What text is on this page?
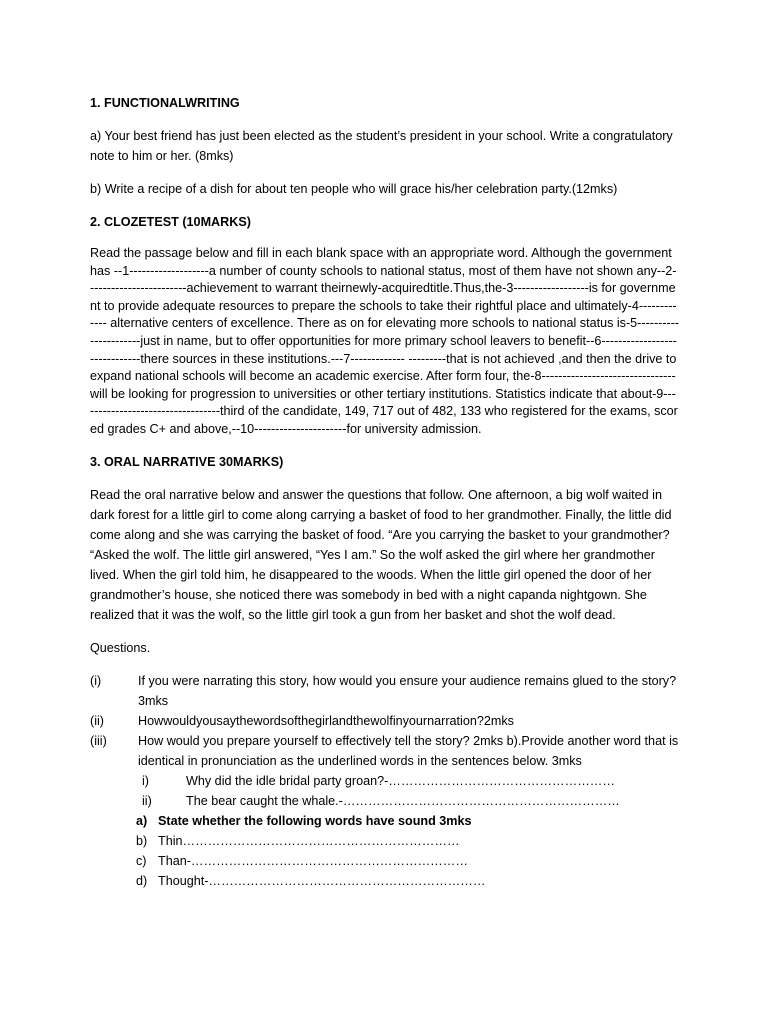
1. FUNCTIONALWRITING

a) Your best friend has just been elected as the student’s president in your school. Write a congratulatory note to him or her. (8mks)

b) Write a recipe of a dish for about ten people who will grace his/her celebration party.(12mks)

2. CLOZETEST (10MARKS)

Read the passage below and fill in each blank space with an appropriate word. Although the government has --1-------------------a number of county schools to national status, most of them have not shown any--2------------------------achievement to warrant theirnewly-acquiredtitle.Thus,the-3------------------is for government to provide adequate resources to prepare the schools to take their rightful place and ultimately-4------------- alternative centers of excellence. There as on for elevating more schools to national status is-5----------------------just in name, but to offer opportunities for more primary school leavers to benefit--6------------------------------there sources in these institutions.---7------------- ---------that is not achieved ,and then the drive to expand national schools will become an academic exercise. After form four, the-8--------------------------------will be looking for progression to universities or other tertiary institutions. Statistics indicate that about-9--- -------------------------------third of the candidate, 149, 717 out of 482, 133 who registered for the exams, scored grades C+ and above,--10----------------------for university admission.

3. ORAL NARRATIVE 30MARKS)

Read the oral narrative below and answer the questions that follow. One afternoon, a big wolf waited in dark forest for a little girl to come along carrying a basket of food to her grandmother. Finally, the little did come along and she was carrying the basket of food. “Are you carrying the basket to your grandmother? “Asked the wolf. The little girl answered, “Yes I am.” So the wolf asked the girl where her grandmother lived. When the girl told him, he disappeared to the woods. When the little girl opened the door of her grandmother’s house, she noticed there was somebody in bed with a night capanda nightgown. She realized that it was the wolf, so the little girl took a gun from her basket and shot the wolf dead.

Questions.

(i)	If you were narrating this story, how would you ensure your audience remains glued to the story? 3mks
(ii)	Howwouldyousaythewordsofthegirlandthewolfinyournarration?2mks
(iii) How would you prepare yourself to effectively tell the story? 2mks b).Provide another word that is identical in pronunciation as the underlined words in the sentences below. 3mks
i)	Why did the idle bridal party groan?-………………………………………………
ii)	The bear caught the whale.-…………………………………………………………
a) State whether the following words have sound 3mks
b) Thin…………………………………………………………
c) Than-…………………………………………………………
d) Thought-…………………………………………………………
